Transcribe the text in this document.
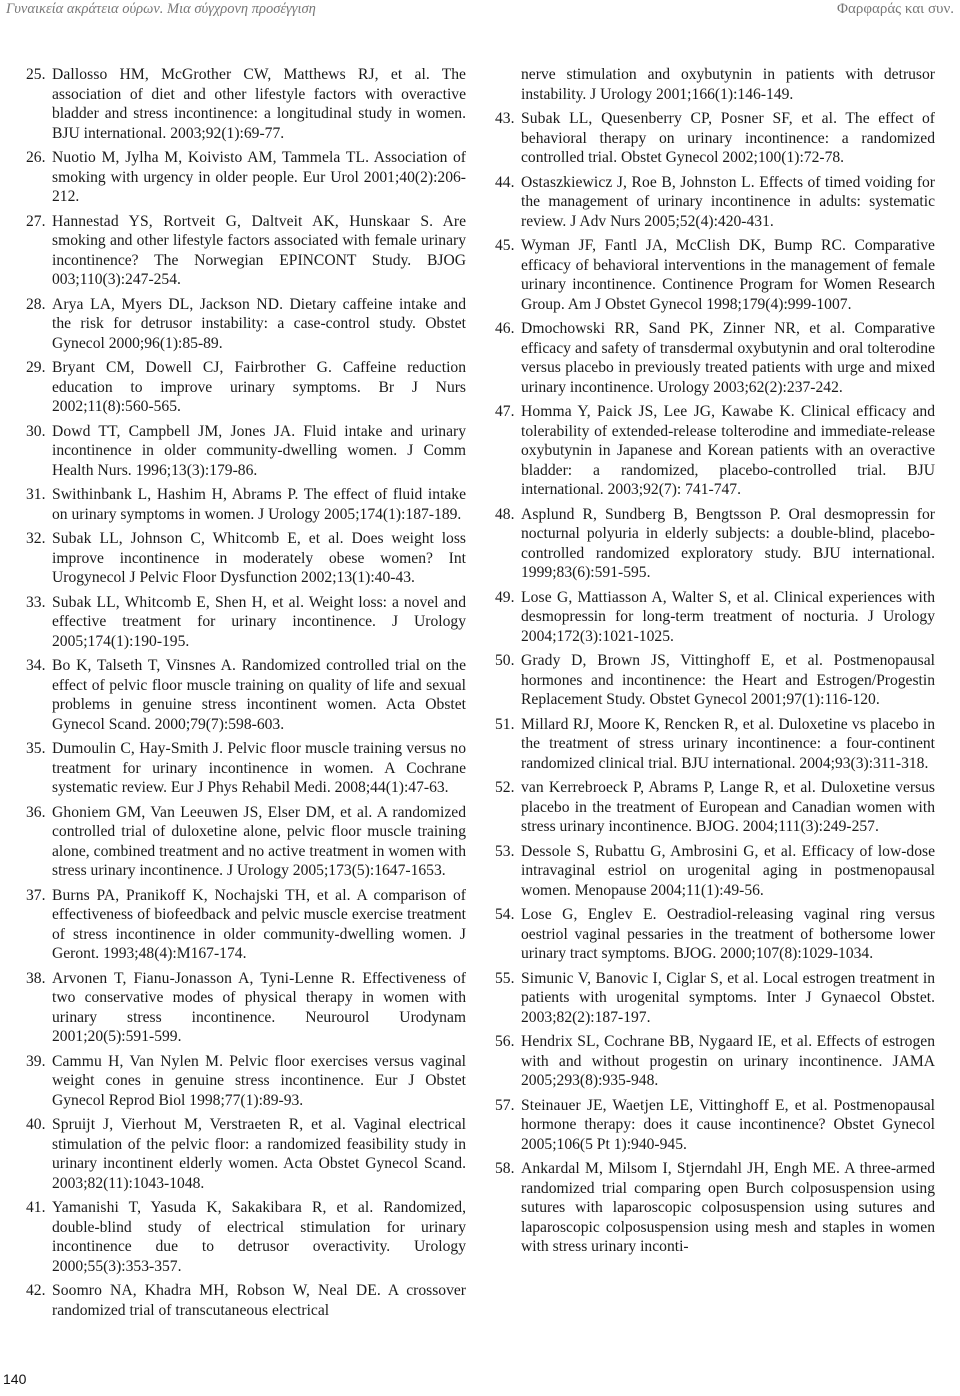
Γυναικεία ακράτεια ούρων. Μια σύγχρονη προσέγγιση	Φαρφαράς και συν.
25. Dallosso HM, McGrother CW, Matthews RJ, et al. The association of diet and other lifestyle factors with overactive bladder and stress incontinence: a longitudinal study in women. BJU international. 2003;92(1):69-77.
26. Nuotio M, Jylha M, Koivisto AM, Tammela TL. Association of smoking with urgency in older people. Eur Urol 2001;40(2):206-212.
27. Hannestad YS, Rortveit G, Daltveit AK, Hunskaar S. Are smoking and other lifestyle factors associated with female urinary incontinence? The Norwegian EPINCONT Study. BJOG 003;110(3):247-254.
28. Arya LA, Myers DL, Jackson ND. Dietary caffeine intake and the risk for detrusor instability: a case-control study. Obstet Gynecol 2000;96(1):85-89.
29. Bryant CM, Dowell CJ, Fairbrother G. Caffeine reduction education to improve urinary symptoms. Br J Nurs 2002;11(8):560-565.
30. Dowd TT, Campbell JM, Jones JA. Fluid intake and urinary incontinence in older community-dwelling women. J Comm Health Nurs. 1996;13(3):179-86.
31. Swithinbank L, Hashim H, Abrams P. The effect of fluid intake on urinary symptoms in women. J Urology 2005;174(1):187-189.
32. Subak LL, Johnson C, Whitcomb E, et al. Does weight loss improve incontinence in moderately obese women? Int Urogynecol J Pelvic Floor Dysfunction 2002;13(1):40-43.
33. Subak LL, Whitcomb E, Shen H, et al. Weight loss: a novel and effective treatment for urinary incontinence. J Urology 2005;174(1):190-195.
34. Bo K, Talseth T, Vinsnes A. Randomized controlled trial on the effect of pelvic floor muscle training on quality of life and sexual problems in genuine stress incontinent women. Acta Obstet Gynecol Scand. 2000;79(7):598-603.
35. Dumoulin C, Hay-Smith J. Pelvic floor muscle training versus no treatment for urinary incontinence in women. A Cochrane systematic review. Eur J Phys Rehabil Medi. 2008;44(1):47-63.
36. Ghoniem GM, Van Leeuwen JS, Elser DM, et al. A randomized controlled trial of duloxetine alone, pelvic floor muscle training alone, combined treatment and no active treatment in women with stress urinary incontinence. J Urology 2005;173(5):1647-1653.
37. Burns PA, Pranikoff K, Nochajski TH, et al. A comparison of effectiveness of biofeedback and pelvic muscle exercise treatment of stress incontinence in older community-dwelling women. J Geront. 1993;48(4):M167-174.
38. Arvonen T, Fianu-Jonasson A, Tyni-Lenne R. Effectiveness of two conservative modes of physical therapy in women with urinary stress incontinence. Neurourol Urodynam 2001;20(5):591-599.
39. Cammu H, Van Nylen M. Pelvic floor exercises versus vaginal weight cones in genuine stress incontinence. Eur J Obstet Gynecol Reprod Biol 1998;77(1):89-93.
40. Spruijt J, Vierhout M, Verstraeten R, et al. Vaginal electrical stimulation of the pelvic floor: a randomized feasibility study in urinary incontinent elderly women. Acta Obstet Gynecol Scand. 2003;82(11):1043-1048.
41. Yamanishi T, Yasuda K, Sakakibara R, et al. Randomized, double-blind study of electrical stimulation for urinary incontinence due to detrusor overactivity. Urology 2000;55(3):353-357.
42. Soomro NA, Khadra MH, Robson W, Neal DE. A crossover randomized trial of transcutaneous electrical
nerve stimulation and oxybutynin in patients with detrusor instability. J Urology 2001;166(1):146-149.
43. Subak LL, Quesenberry CP, Posner SF, et al. The effect of behavioral therapy on urinary incontinence: a randomized controlled trial. Obstet Gynecol 2002;100(1):72-78.
44. Ostaszkiewicz J, Roe B, Johnston L. Effects of timed voiding for the management of urinary incontinence in adults: systematic review. J Adv Nurs 2005;52(4):420-431.
45. Wyman JF, Fantl JA, McClish DK, Bump RC. Comparative efficacy of behavioral interventions in the management of female urinary incontinence. Continence Program for Women Research Group. Am J Obstet Gynecol 1998;179(4):999-1007.
46. Dmochowski RR, Sand PK, Zinner NR, et al. Comparative efficacy and safety of transdermal oxybutynin and oral tolterodine versus placebo in previously treated patients with urge and mixed urinary incontinence. Urology 2003;62(2):237-242.
47. Homma Y, Paick JS, Lee JG, Kawabe K. Clinical efficacy and tolerability of extended-release tolterodine and immediate-release oxybutynin in Japanese and Korean patients with an overactive bladder: a randomized, placebo-controlled trial. BJU international. 2003;92(7): 741-747.
48. Asplund R, Sundberg B, Bengtsson P. Oral desmopressin for nocturnal polyuria in elderly subjects: a double-blind, placebo-controlled randomized exploratory study. BJU international. 1999;83(6):591-595.
49. Lose G, Mattiasson A, Walter S, et al. Clinical experiences with desmopressin for long-term treatment of nocturia. J Urology 2004;172(3):1021-1025.
50. Grady D, Brown JS, Vittinghoff E, et al. Postmenopausal hormones and incontinence: the Heart and Estrogen/Progestin Replacement Study. Obstet Gynecol 2001;97(1):116-120.
51. Millard RJ, Moore K, Rencken R, et al. Duloxetine vs placebo in the treatment of stress urinary incontinence: a four-continent randomized clinical trial. BJU international. 2004;93(3):311-318.
52. van Kerrebroeck P, Abrams P, Lange R, et al. Duloxetine versus placebo in the treatment of European and Canadian women with stress urinary incontinence. BJOG. 2004;111(3):249-257.
53. Dessole S, Rubattu G, Ambrosini G, et al. Efficacy of low-dose intravaginal estriol on urogenital aging in postmenopausal women. Menopause 2004;11(1):49-56.
54. Lose G, Englev E. Oestradiol-releasing vaginal ring versus oestriol vaginal pessaries in the treatment of bothersome lower urinary tract symptoms. BJOG. 2000;107(8):1029-1034.
55. Simunic V, Banovic I, Ciglar S, et al. Local estrogen treatment in patients with urogenital symptoms. Inter J Gynaecol Obstet. 2003;82(2):187-197.
56. Hendrix SL, Cochrane BB, Nygaard IE, et al. Effects of estrogen with and without progestin on urinary incontinence. JAMA 2005;293(8):935-948.
57. Steinauer JE, Waetjen LE, Vittinghoff E, et al. Postmenopausal hormone therapy: does it cause incontinence? Obstet Gynecol 2005;106(5 Pt 1):940-945.
58. Ankardal M, Milsom I, Stjerndahl JH, Engh ME. A three-armed randomized trial comparing open Burch colposuspension using sutures with laparoscopic colposuspension using sutures and laparoscopic colposuspension using mesh and staples in women with stress urinary inconti-
140
